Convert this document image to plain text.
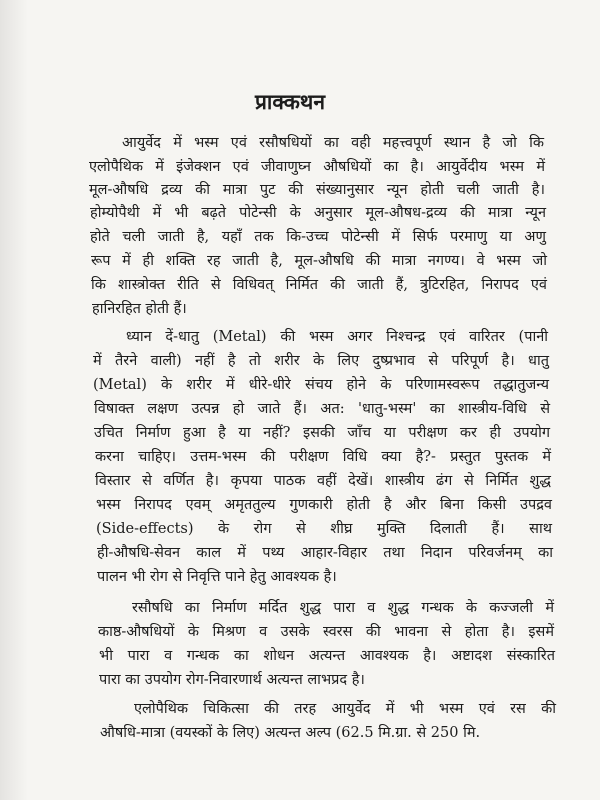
प्राक्कथन
आयुर्वेद में भस्म एवं रसौषधियों का वही महत्त्वपूर्ण स्थान है जो कि
एलोपैथिक में इंजेक्शन एवं जीवाणुघ्न औषधियों का है। आयुर्वेदीय भस्म में
मूल-औषधि द्रव्य की मात्रा पुट की संख्यानुसार न्यून होती चली जाती है।
होम्योपैथी में भी बढ़ते पोटेन्सी के अनुसार मूल-औषध-द्रव्य की मात्रा न्यून
होते चली जाती है, यहाँ तक कि-उच्च पोटेन्सी में सिर्फ परमाणु या अणु
रूप में ही शक्ति रह जाती है, मूल-औषधि की मात्रा नगण्य। वे भस्म जो
कि शास्त्रोक्त रीति से विधिवत् निर्मित की जाती हैं, त्रुटिरहित, निरापद एवं
हानिरहित होती हैं।
ध्यान दें-धातु (Metal) की भस्म अगर निश्चन्द्र एवं वारितर (पानी
में तैरने वाली) नहीं है तो शरीर के लिए दुष्प्रभाव से परिपूर्ण है। धातु
(Metal) के शरीर में धीरे-धीरे संचय होने के परिणामस्वरूप तद्धातुजन्य
विषाक्त लक्षण उत्पन्न हो जाते हैं। अत: 'धातु-भस्म' का शास्त्रीय-विधि से
उचित निर्माण हुआ है या नहीं? इसकी जाँच या परीक्षण कर ही उपयोग
करना चाहिए। उत्तम-भस्म की परीक्षण विधि क्या है?- प्रस्तुत पुस्तक में
विस्तार से वर्णित है। कृपया पाठक वहीं देखें। शास्त्रीय ढंग से निर्मित शुद्ध
भस्म निरापद एवम् अमृततुल्य गुणकारी होती है और बिना किसी उपद्रव
(Side-effects) के रोग से शीघ्र मुक्ति दिलाती हैं। साथ
ही-औषधि-सेवन काल में पथ्य आहार-विहार तथा निदान परिवर्जनम् का
पालन भी रोग से निवृत्ति पाने हेतु आवश्यक है।
रसौषधि का निर्माण मर्दित शुद्ध पारा व शुद्ध गन्धक के कज्जली में
काष्ठ-औषधियों के मिश्रण व उसके स्वरस की भावना से होता है। इसमें
भी पारा व गन्धक का शोधन अत्यन्त आवश्यक है। अष्टादश संस्कारित
पारा का उपयोग रोग-निवारणार्थ अत्यन्त लाभप्रद है।
एलोपैथिक चिकित्सा की तरह आयुर्वेद में भी भस्म एवं रस की
औषधि-मात्रा (वयस्कों के लिए) अत्यन्त अल्प (62.5 मि.ग्रा. से 250 मि.
